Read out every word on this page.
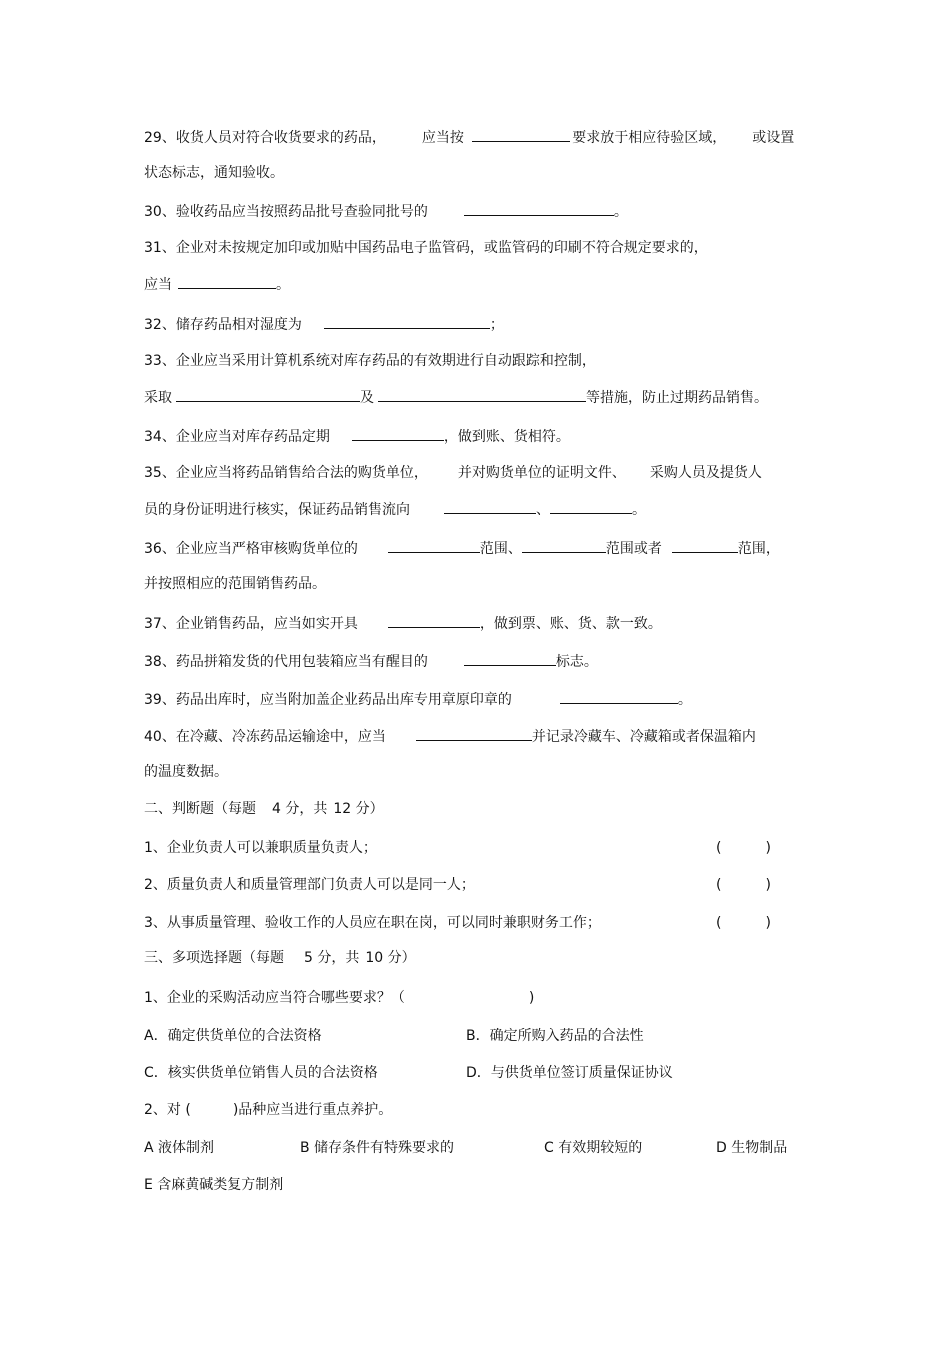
29、收货人员对符合收货要求的药品，	应当按	要求放于相应待验区域， 或设置
状态标志，通知验收。
30、验收药品应当按照药品批号查验同批号的	。
31、企业对未按规定加印或加贴中国药品电子监管码，或监管码的印刷不符合规定要求的，
应当	。
32、储存药品相对湿度为	；
33、企业应当采用计算机系统对库存药品的有效期进行自动跟踪和控制，
采取	及	等措施，防止过期药品销售。
34、企业应当对库存药品定期	，做到账、货相符。
35、企业应当将药品销售给合法的购货单位， 并对购货单位的证明文件、 采购人员及提货人
员的身份证明进行核实，保证药品销售流向	、	。
36、企业应当严格审核购货单位的	范围、	范围或者	范围，
并按照相应的范围销售药品。
37、企业销售药品，应当如实开具	，做到票、账、货、款一致。
38、药品拼箱发货的代用包装箱应当有醒目的	标志。
39、药品出库时，应当附加盖企业药品出库专用章原印章的	。
40、在冷藏、冷冻药品运输途中，应当	并记录冷藏车、冷藏箱或者保温箱内
的温度数据。
二、判断题（每题 4 分，共 12 分）
1、企业负责人可以兼职质量负责人；	(	)
2、质量负责人和质量管理部门负责人可以是同一人；	(	)
3、从事质量管理、验收工作的人员应在职在岗，可以同时兼职财务工作；	(	)
三、多项选择题（每题 5 分，共 10 分）
1、企业的采购活动应当符合哪些要求？（	)
A．确定供货单位的合法资格	B．确定所购入药品的合法性
C．核实供货单位销售人员的合法资格	D．与供货单位签订质量保证协议
2、对 (	)品种应当进行重点养护。
A 液体制剂	B 储存条件有特殊要求的	C 有效期较短的	D 生物制品
E 含麻黄碱类复方制剂
